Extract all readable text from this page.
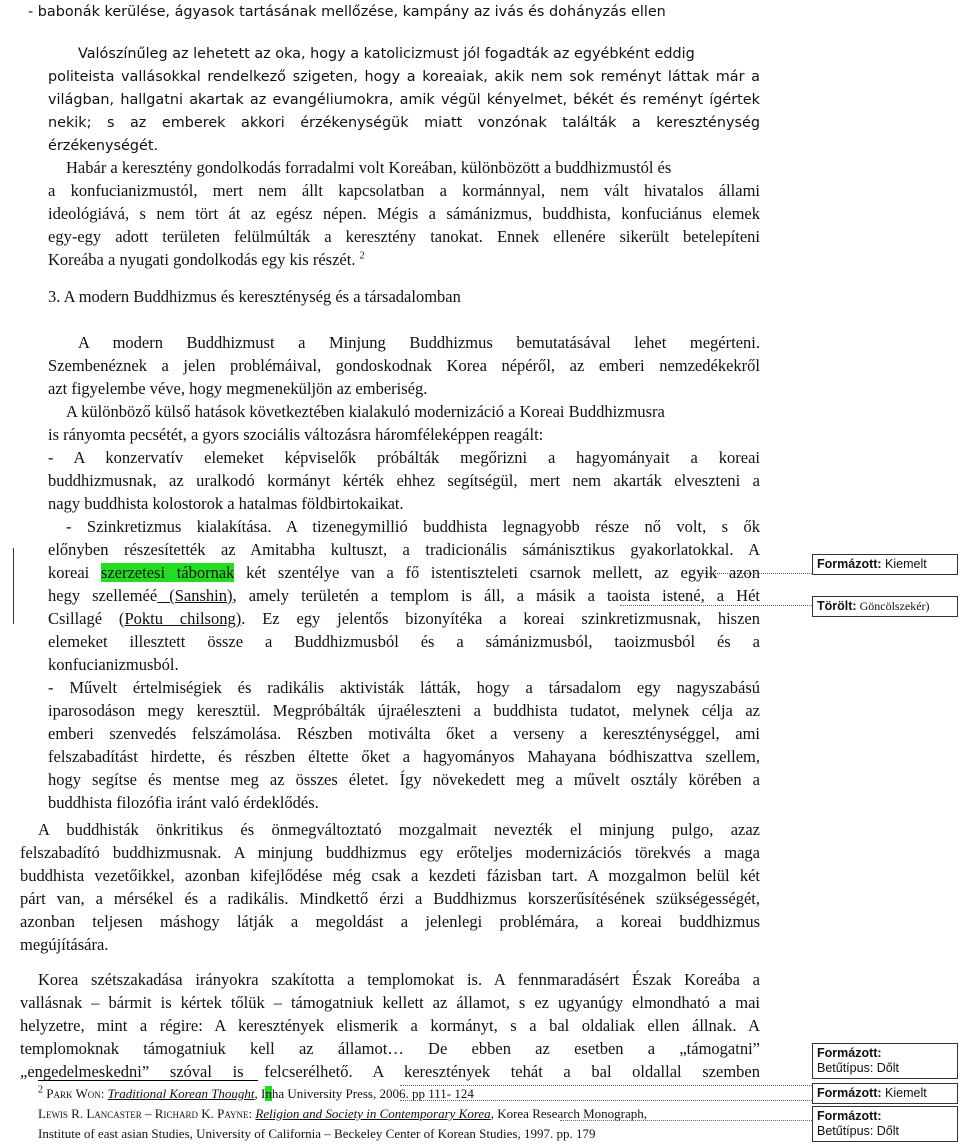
- babonák kerülése, ágyasok tartásának mellőzése, kampány az ivás és dohányzás ellen
Valószínűleg az lehetett az oka, hogy a katolicizmust jól fogadták az egyébként eddig
politeista vallásokkal rendelkező szigeten, hogy a koreaiak, akik nem sok reményt láttak már a
világban, hallgatni akartak az evangéliumokra, amik végül kényelmet, békét és reményt ígértek
nekik; s az emberek akkori érzékenységük miatt vonzónak találták a kereszténység
érzékenységét.
Habár a keresztény gondolkodás forradalmi volt Koreában, különbözött a buddhizmustól és
a konfucianizmustól, mert nem állt kapcsolatban a kormánnyal, nem vált hivatalos állami
ideológiává, s nem tört át az egész népen. Mégis a sámánizmus, buddhista, konfuciánus elemek
egy-egy adott területen felülmúlták a keresztény tanokat. Ennek ellenére sikerült betelepíteni
Koreába a nyugati gondolkodás egy kis részét. $^2$
3. A modern Buddhizmus és kereszténység és a társadalomban
A modern Buddhizmust a Minjung Buddhizmus bemutatásával lehet megérteni.
Szembenéznek a jelen problémáival, gondoskodnak Korea népéről, az emberi nemzedékekről
azt figyelembe véve, hogy megmeneküljön az emberiség.
A különböző külső hatások következtében kialakuló modernizáció a Koreai Buddhizmusra
is rányomta pecsétét, a gyors szociális változásra háromféleképpen reagált:
- A konzervatív elemeket képviselők próbálták megőrizni a hagyományait a koreai
buddhizmusnak, az uralkodó kormányt kérték ehhez segítségül, mert nem akarták elveszteni a
nagy buddhista kolostorok a hatalmas földbirtokaikat.
- Szinkretizmus kialakítása. A tizenegymillió buddhista legnagyobb része nő volt, s ők
előnyben részesítették az Amitabha kultuszt, a tradicionális sámánisztikus gyakorlatokkal. A
koreai szerzetesi tábornak két szentélye van a fő istentiszteleti csarnok mellett, az egyik azon
hegy szelleméé (Sanshin), amely területén a templom is áll, a másik a taoista istené, a Hét
Csillagé (Poktu chilsong). Ez egy jelentős bizonyítéka a koreai szinkretizmusnak, hiszen
elemeket illesztett össze a Buddhizmusból és a sámánizmusból, taoizmusból és a
konfucianizmusból.
- Művelt értelmiségiek és radikális aktivisták látták, hogy a társadalom egy nagyszabású
iparosodáson megy keresztül. Megpróbálták újraéleszteni a buddhista tudatot, melynek célja az
emberi szenvedés felszámolása. Részben motiválta őket a verseny a kereszténységgel, ami
felszabadítást hirdette, és részben éltette őket a hagyományos Mahayana bódhiszattva szellem,
hogy segítse és mentse meg az összes életet. Így növekedett meg a művelt osztály körében a
buddhista filozófia iránt való érdeklődés.
A buddhisták önkritikus és önmegváltoztató mozgalmait nevezték el minjung pulgo, azaz
felszabadító buddhizmusnak. A minjung buddhizmus egy erőteljes modernizációs törekvés a maga
buddhista vezetőikkel, azonban kifejlődése még csak a kezdeti fázisban tart. A mozgalmon belül két
párt van, a mérsékel és a radikális. Mindkettő érzi a Buddhizmus korszerűsítésének szükségességét,
azonban teljesen máshogy látják a megoldást a jelenlegi problémára, a koreai buddhizmus
megújítására.
Korea szétszakadása irányokra szakította a templomokat is. A fennmaradásért Észak Koreába a
vallásnak – bármit is kértek tőlük – támogatniuk kellett az államot, s ez ugyanúgy elmondható a mai
helyzetre, mint a régire: A keresztények elismerik a kormányt, s a bal oldaliak ellen állnak. A
templomoknak támogatniuk kell az államot… De ebben az esetben a „támogatni”
„engedelmeskedni” szóval is felcserélhető. A keresztények tehát a bal oldallal szemben
$^2$ Park Won: Traditional Korean Thought, Inha University Press, 2006. pp 111- 124
Lewis R. Lancaster – Richard K. Payne: Religion and Society in Contemporary Korea, Korea Research Monograph,
Institute of east asian Studies, University of California – Beckeley Center of Korean Studies, 1997. pp. 179
Formázott: Kiemelt
Törölt: Göncölszekér)
Formázott:
Betűtípus: Dőlt
Formázott: Kiemelt
Formázott:
Betűtípus: Dőlt
